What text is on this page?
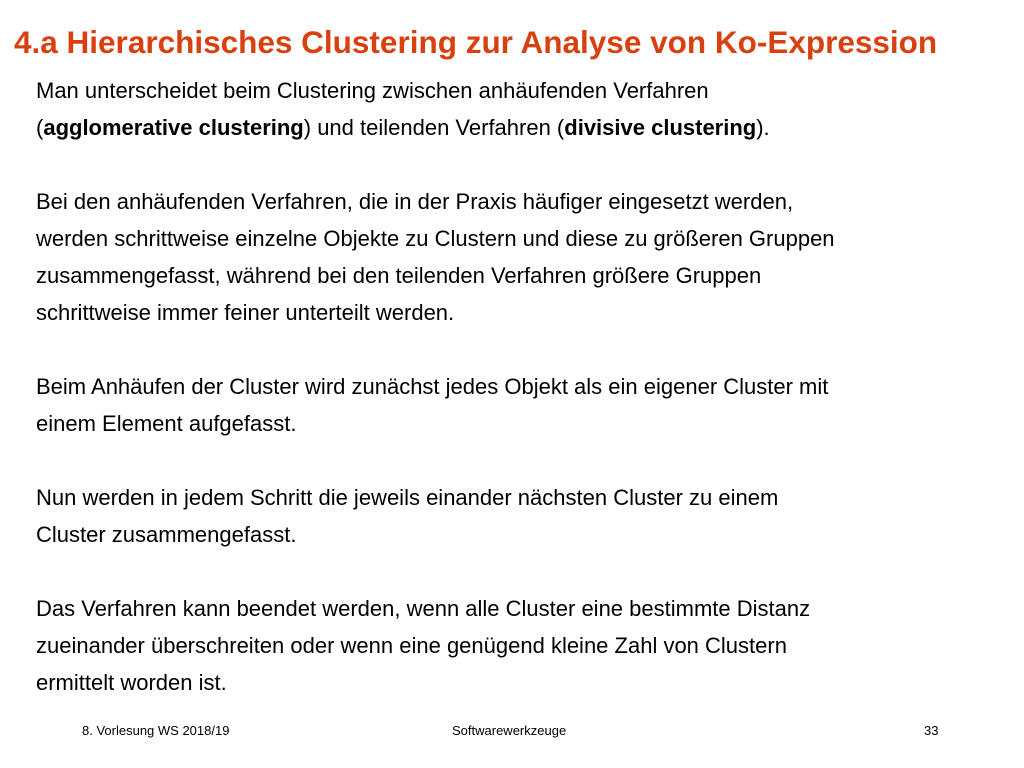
4.a Hierarchisches Clustering zur Analyse von Ko-Expression

Man unterscheidet beim Clustering zwischen anhäufenden Verfahren
(agglomerative clustering) und teilenden Verfahren (divisive clustering).

Bei den anhäufenden Verfahren, die in der Praxis häufiger eingesetzt werden,
werden schrittweise einzelne Objekte zu Clustern und diese zu größeren Gruppen
zusammengefasst, während bei den teilenden Verfahren größere Gruppen
schrittweise immer feiner unterteilt werden.

Beim Anhäufen der Cluster wird zunächst jedes Objekt als ein eigener Cluster mit
einem Element aufgefasst.

Nun werden in jedem Schritt die jeweils einander nächsten Cluster zu einem
Cluster zusammengefasst.

Das Verfahren kann beendet werden, wenn alle Cluster eine bestimmte Distanz
zueinander überschreiten oder wenn eine genügend kleine Zahl von Clustern
ermittelt worden ist.

8. Vorlesung WS 2018/19	Softwarewerkzeuge	33
